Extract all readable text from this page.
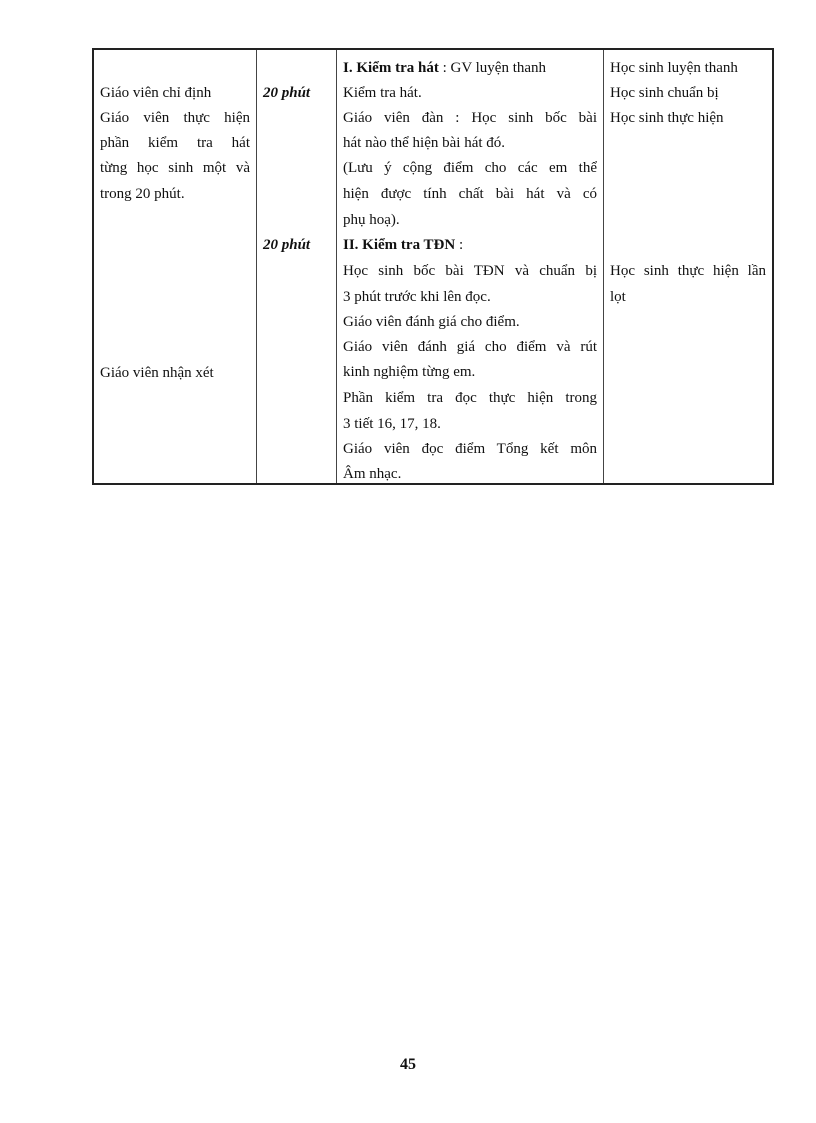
Giáo viên chỉ định
Giáo viên thực hiện
phần kiểm tra hát
từng học sinh một và
trong 20 phút.
Giáo viên nhận xét
20 phút
20 phút
I. Kiểm tra hát : GV luyện thanh
Kiểm tra hát.
Giáo viên đàn : Học sinh bốc bài
hát nào thể hiện bài hát đó.
(Lưu ý cộng điểm cho các em thể
hiện được tính chất bài hát và có
phụ hoạ).
II. Kiểm tra TĐN :
Học sinh bốc bài TĐN và chuẩn bị
3 phút trước khi lên đọc.
Giáo viên đánh giá cho điểm.
Giáo viên đánh giá cho điểm và rút
kinh nghiệm từng em.
Phần kiểm tra đọc thực hiện trong
3 tiết 16, 17, 18.
Giáo viên đọc điểm Tổng kết môn
Âm nhạc.
Học sinh luyện thanh
Học sinh chuẩn bị
Học sinh thực hiện
Học sinh thực hiện lần
lọt
45
